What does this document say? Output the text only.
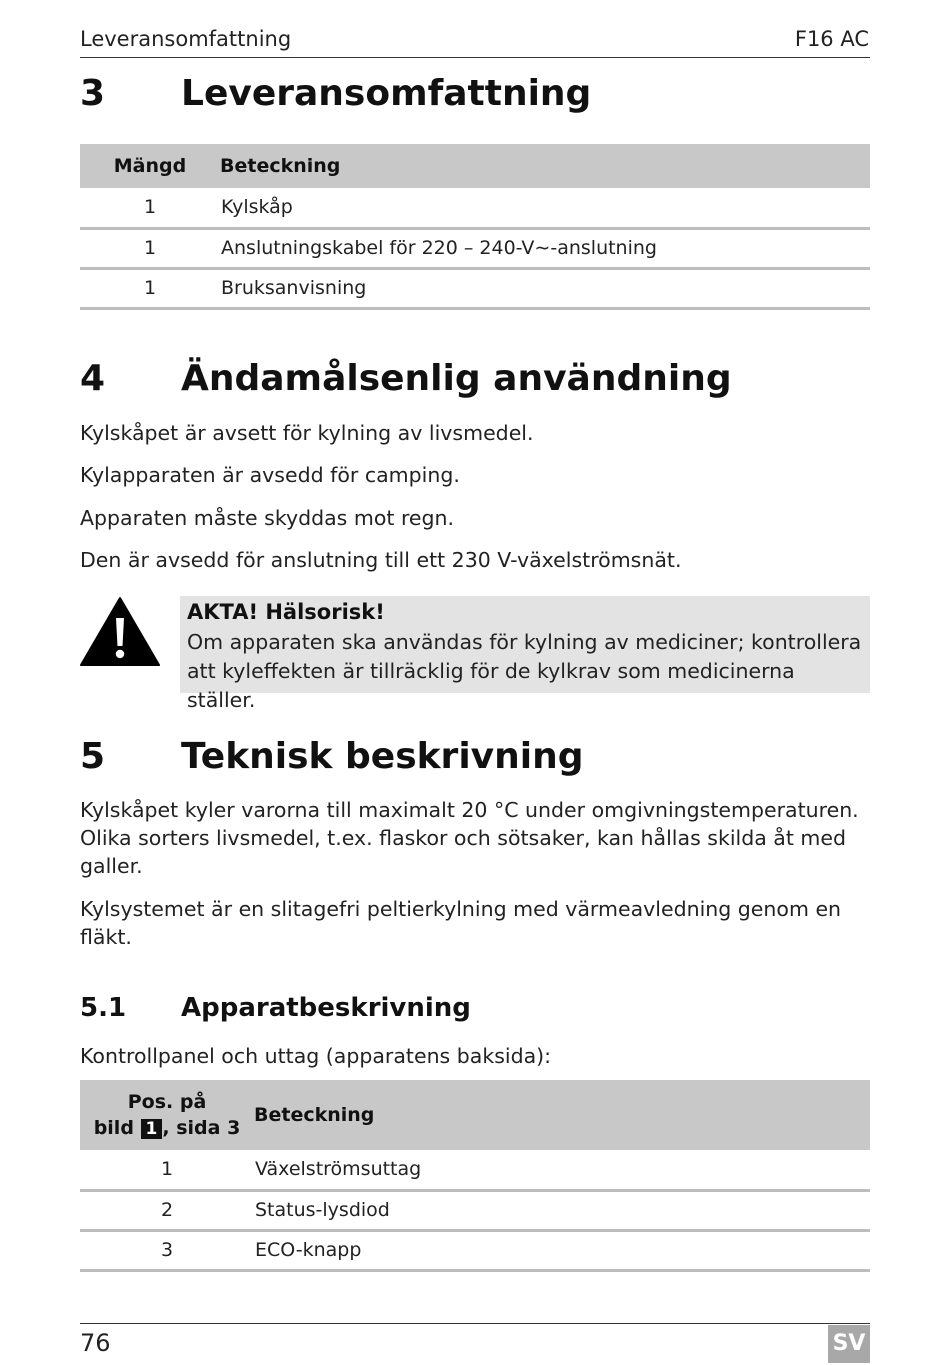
Leveransomfattning	F16 AC
3 Leveransomfattning
Mängd	Beteckning
1	Kylskåp
1	Anslutningskabel för 220 – 240-V∼-anslutning
1	Bruksanvisning
4 Ändamålsenlig användning
Kylskåpet är avsett för kylning av livsmedel.
Kylapparaten är avsedd för camping.
Apparaten måste skyddas mot regn.
Den är avsedd för anslutning till ett 230 V-växelströmsnät.
AKTA! Hälsorisk!
Om apparaten ska användas för kylning av mediciner; kontrollera att kyleffekten är tillräcklig för de kylkrav som medicinerna ställer.
5 Teknisk beskrivning
Kylskåpet kyler varorna till maximalt 20 °C under omgivningstemperaturen. Olika sorters livsmedel, t.ex. flaskor och sötsaker, kan hållas skilda åt med galler.
Kylsystemet är en slitagefri peltierkylning med värmeavledning genom en fläkt.
5.1 Apparatbeskrivning
Kontrollpanel och uttag (apparatens baksida):
Pos. på
bild 1 , sida 3	Beteckning
1	Växelströmsuttag
2	Status-lysdiod
3	ECO-knapp
76	SV
